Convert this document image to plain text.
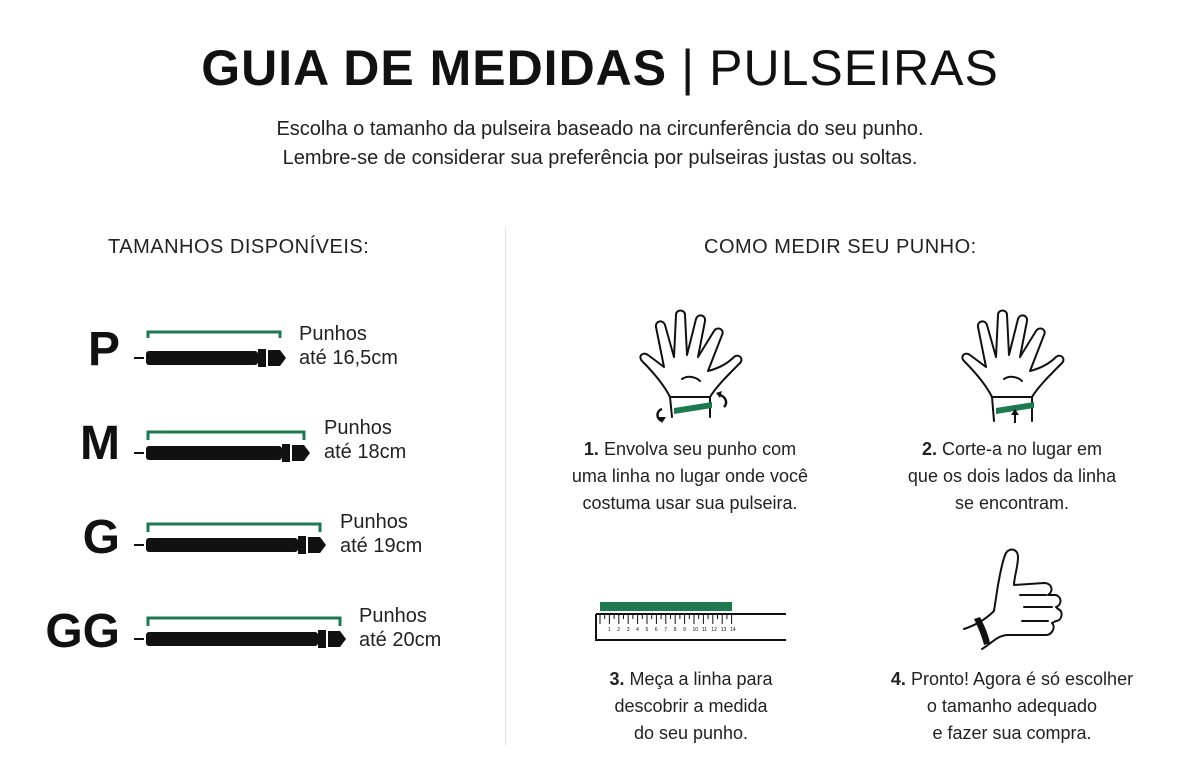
GUIA DE MEDIDAS | PULSEIRAS
Escolha o tamanho da pulseira baseado na circunferência do seu punho.
Lembre-se de considerar sua preferência por pulseiras justas ou soltas.
TAMANHOS DISPONÍVEIS:
P	Punhos
até 16,5cm
M	Punhos
até 18cm
G	Punhos
até 19cm
GG	Punhos
até 20cm
COMO MEDIR SEU PUNHO:
1. Envolva seu punho com
uma linha no lugar onde você
costuma usar sua pulseira.
2. Corte-a no lugar em
que os dois lados da linha
se encontram.
1 2 3 4 5 6 7 8 9 10 11 12 13 14
3. Meça a linha para
descobrir a medida
do seu punho.
4. Pronto! Agora é só escolher
o tamanho adequado
e fazer sua compra.
